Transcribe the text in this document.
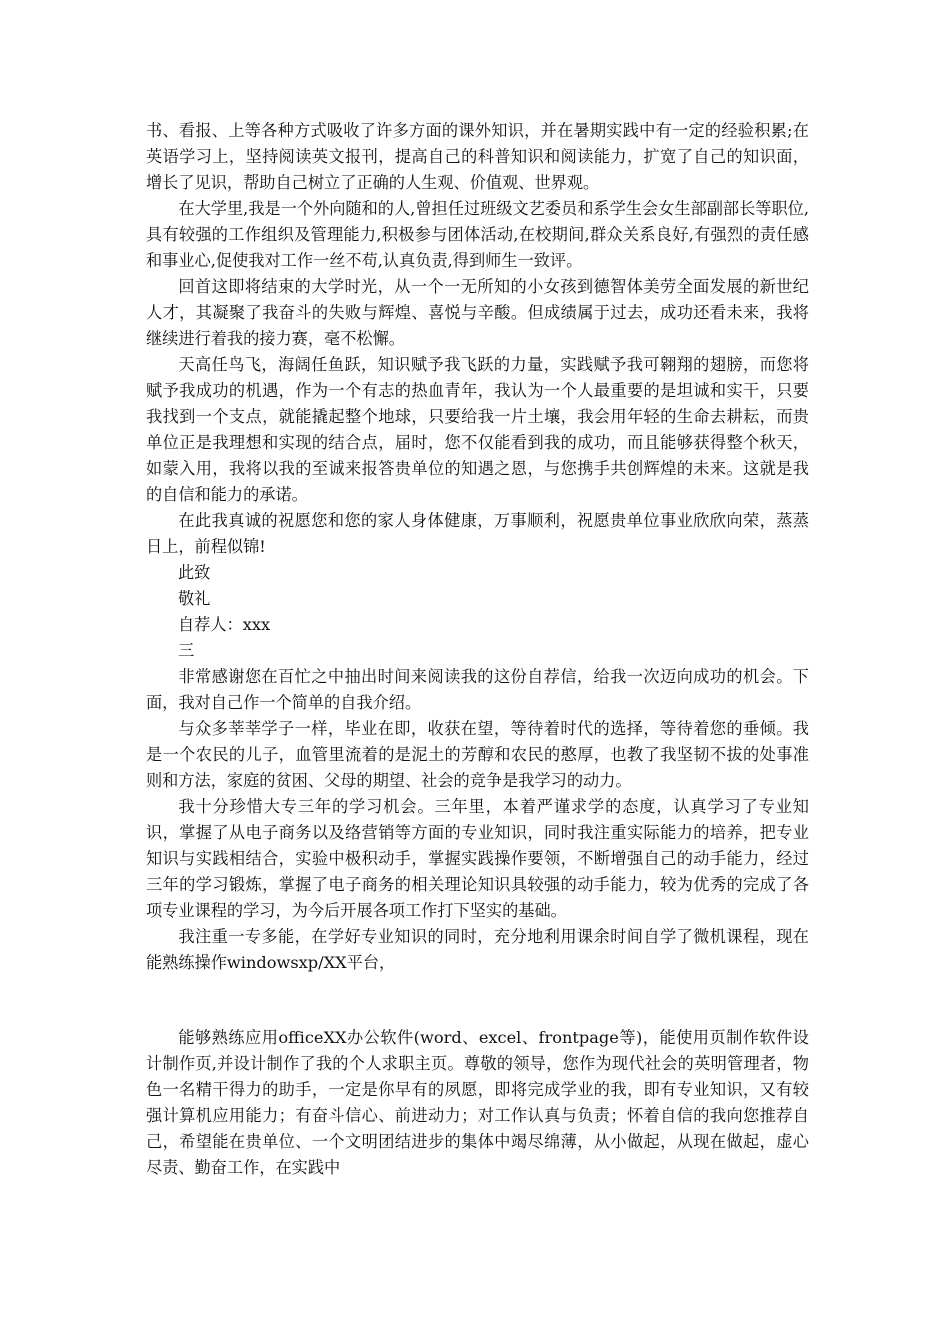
书、看报、上等各种方式吸收了许多方面的课外知识，并在暑期实践中有一定的经验积累;在英语学习上，坚持阅读英文报刊，提高自己的科普知识和阅读能力，扩宽了自己的知识面，增长了见识，帮助自己树立了正确的人生观、价值观、世界观。

在大学里,我是一个外向随和的人,曾担任过班级文艺委员和系学生会女生部副部长等职位,具有较强的工作组织及管理能力,积极参与团体活动,在校期间,群众关系良好,有强烈的责任感和事业心,促使我对工作一丝不苟,认真负责,得到师生一致评。

回首这即将结束的大学时光，从一个一无所知的小女孩到德智体美劳全面发展的新世纪人才，其凝聚了我奋斗的失败与辉煌、喜悦与辛酸。但成绩属于过去，成功还看未来，我将继续进行着我的接力赛，毫不松懈。

天高任鸟飞，海阔任鱼跃，知识赋予我飞跃的力量，实践赋予我可翱翔的翅膀，而您将赋予我成功的机遇，作为一个有志的热血青年，我认为一个人最重要的是坦诚和实干，只要我找到一个支点，就能撬起整个地球，只要给我一片土壤，我会用年轻的生命去耕耘，而贵单位正是我理想和实现的结合点，届时，您不仅能看到我的成功，而且能够获得整个秋天，如蒙入用，我将以我的至诚来报答贵单位的知遇之恩，与您携手共创辉煌的未来。这就是我的自信和能力的承诺。

在此我真诚的祝愿您和您的家人身体健康，万事顺利，祝愿贵单位事业欣欣向荣，蒸蒸日上，前程似锦!

此致

敬礼

自荐人：xxx

三

非常感谢您在百忙之中抽出时间来阅读我的这份自荐信，给我一次迈向成功的机会。下面，我对自己作一个简单的自我介绍。

与众多莘莘学子一样，毕业在即，收获在望，等待着时代的选择，等待着您的垂倾。我是一个农民的儿子，血管里流着的是泥土的芳醇和农民的憨厚，也教了我坚韧不拔的处事准则和方法，家庭的贫困、父母的期望、社会的竞争是我学习的动力。

我十分珍惜大专三年的学习机会。三年里，本着严谨求学的态度，认真学习了专业知识，掌握了从电子商务以及络营销等方面的专业知识，同时我注重实际能力的培养，把专业知识与实践相结合，实验中极积动手，掌握实践操作要领，不断增强自己的动手能力，经过三年的学习锻炼，掌握了电子商务的相关理论知识具较强的动手能力，较为优秀的完成了各项专业课程的学习，为今后开展各项工作打下坚实的基础。

我注重一专多能，在学好专业知识的同时，充分地利用课余时间自学了微机课程，现在能熟练操作windowsxp/XX平台，

能够熟练应用officeXX办公软件(word、excel、frontpage等)，能使用页制作软件设计制作页,并设计制作了我的个人求职主页。尊敬的领导，您作为现代社会的英明管理者，物色一名精干得力的助手，一定是你早有的夙愿，即将完成学业的我，即有专业知识，又有较强计算机应用能力；有奋斗信心、前进动力；对工作认真与负责；怀着自信的我向您推荐自己，希望能在贵单位、一个文明团结进步的集体中竭尽绵薄，从小做起，从现在做起，虚心尽责、勤奋工作，在实践中
